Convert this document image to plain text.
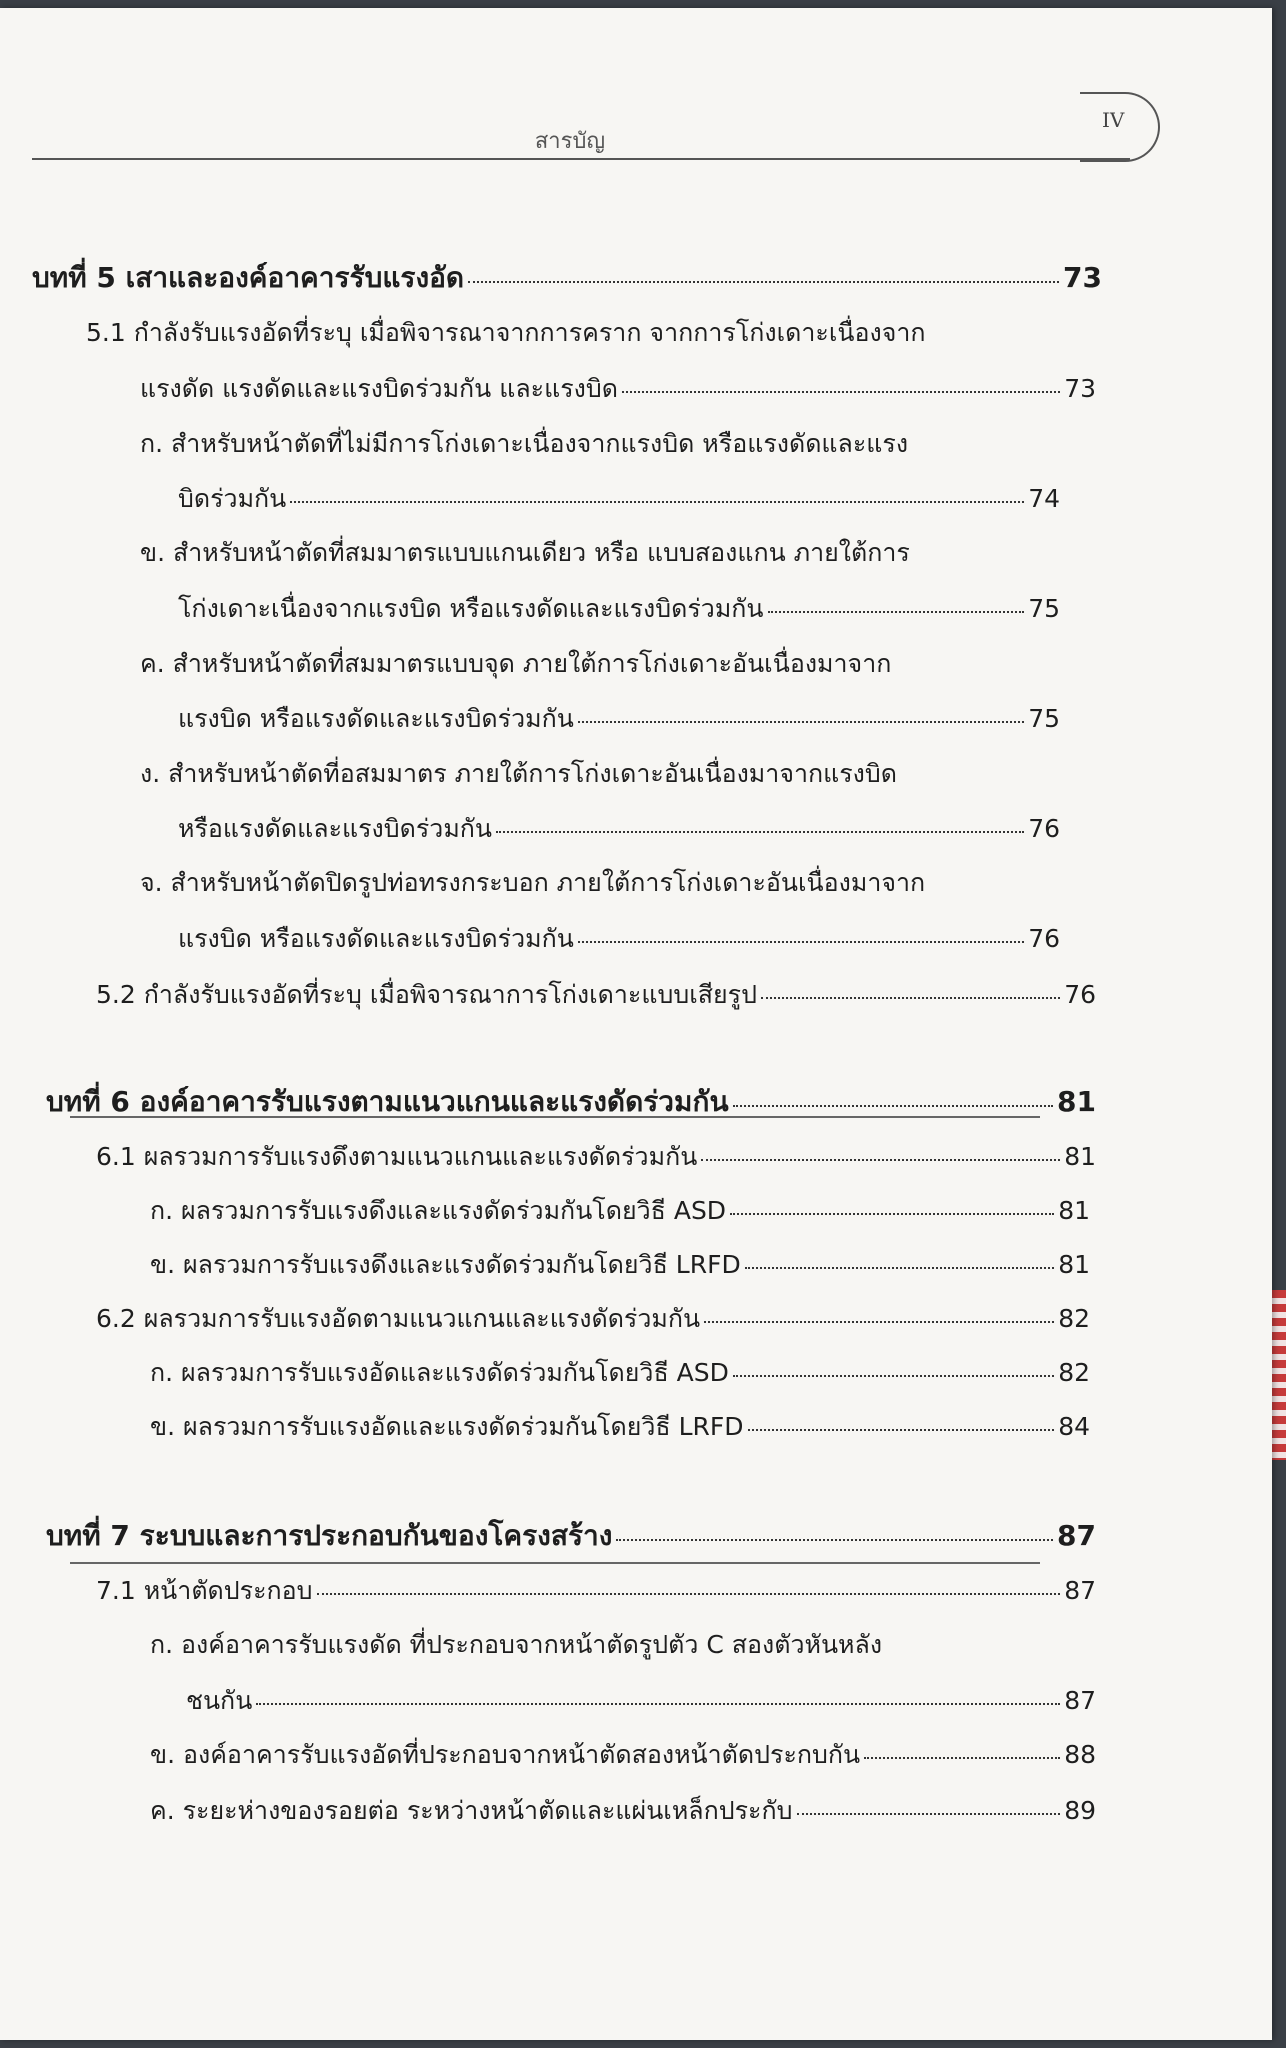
IV
สารบัญ
บทที่ 5 เสาและองค์อาคารรับแรงอัด	73
5.1 กำลังรับแรงอัดที่ระบุ เมื่อพิจารณาจากการคราก จากการโก่งเดาะเนื่องจาก
แรงดัด แรงดัดและแรงบิดร่วมกัน และแรงบิด	73
ก. สำหรับหน้าตัดที่ไม่มีการโก่งเดาะเนื่องจากแรงบิด หรือแรงดัดและแรง
บิดร่วมกัน	74
ข. สำหรับหน้าตัดที่สมมาตรแบบแกนเดียว หรือ แบบสองแกน ภายใต้การ
โก่งเดาะเนื่องจากแรงบิด หรือแรงดัดและแรงบิดร่วมกัน	75
ค. สำหรับหน้าตัดที่สมมาตรแบบจุด ภายใต้การโก่งเดาะอันเนื่องมาจาก
แรงบิด หรือแรงดัดและแรงบิดร่วมกัน	75
ง. สำหรับหน้าตัดที่อสมมาตร ภายใต้การโก่งเดาะอันเนื่องมาจากแรงบิด
หรือแรงดัดและแรงบิดร่วมกัน	76
จ. สำหรับหน้าตัดปิดรูปท่อทรงกระบอก ภายใต้การโก่งเดาะอันเนื่องมาจาก
แรงบิด หรือแรงดัดและแรงบิดร่วมกัน	76
5.2 กำลังรับแรงอัดที่ระบุ เมื่อพิจารณาการโก่งเดาะแบบเสียรูป	76
บทที่ 6 องค์อาคารรับแรงตามแนวแกนและแรงดัดร่วมกัน	81
6.1 ผลรวมการรับแรงดึงตามแนวแกนและแรงดัดร่วมกัน	81
ก. ผลรวมการรับแรงดึงและแรงดัดร่วมกันโดยวิธี ASD	81
ข. ผลรวมการรับแรงดึงและแรงดัดร่วมกันโดยวิธี LRFD	81
6.2 ผลรวมการรับแรงอัดตามแนวแกนและแรงดัดร่วมกัน	82
ก. ผลรวมการรับแรงอัดและแรงดัดร่วมกันโดยวิธี ASD	82
ข. ผลรวมการรับแรงอัดและแรงดัดร่วมกันโดยวิธี LRFD	84
บทที่ 7 ระบบและการประกอบกันของโครงสร้าง	87
7.1 หน้าตัดประกอบ	87
ก. องค์อาคารรับแรงดัด ที่ประกอบจากหน้าตัดรูปตัว C สองตัวหันหลัง
ชนกัน	87
ข. องค์อาคารรับแรงอัดที่ประกอบจากหน้าตัดสองหน้าตัดประกบกัน	88
ค. ระยะห่างของรอยต่อ ระหว่างหน้าตัดและแผ่นเหล็กประกับ	89
